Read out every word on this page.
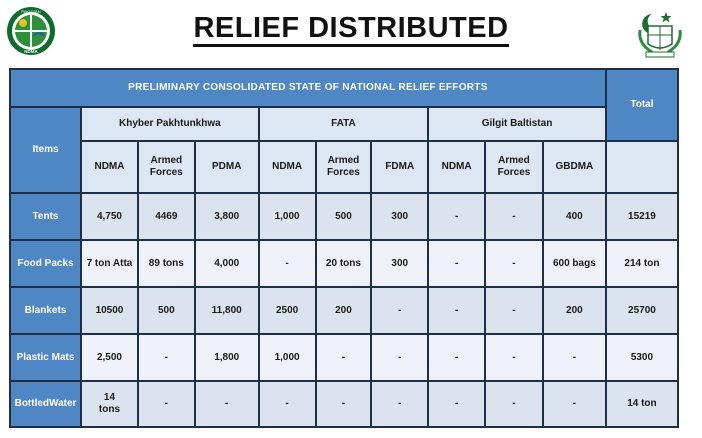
PAKISTAN
NDMA
RELIEF DISTRIBUTED
PRELIMINARY CONSOLIDATED STATE OF NATIONAL RELIEF EFFORTS										Total
Items	Khyber Pakhtunkhwa			FATA			Gilgit Baltistan			
	NDMA	Armed Forces	PDMA	NDMA	Armed Forces	FDMA	NDMA	Armed Forces	GBDMA	
Tents	4,750	4469	3,800	1,000	500	300	-	-	400	15219
Food Packs	7 ton Atta	89 tons	4,000	-	20 tons	300	-	-	600 bags	214 ton
Blankets	10500	500	11,800	2500	200	-	-	-	200	25700
Plastic Mats	2,500	-	1,800	1,000	-	-	-	-	-	5300
BottledWater	14 tons	-	-	-	-	-	-	-	-	14 ton
